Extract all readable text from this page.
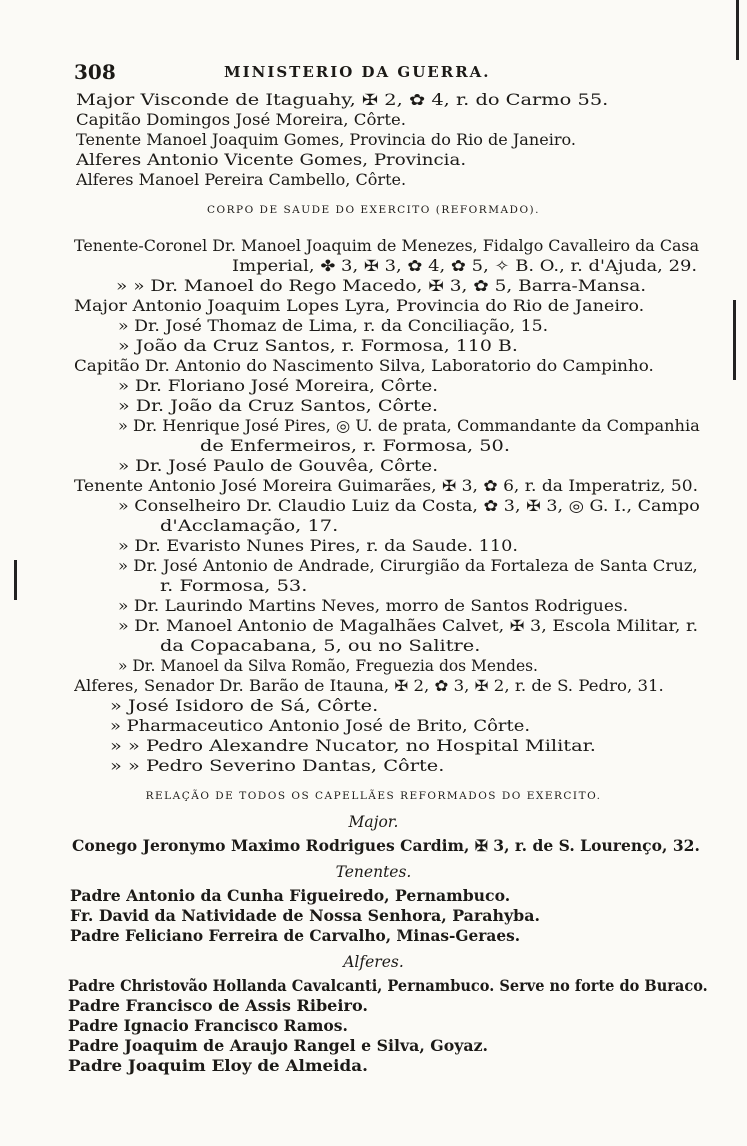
308	MINISTERIO DA GUERRA.
Major Visconde de Itaguahy, ✠ 2, ✿ 4, r. do Carmo 55.
Capitão Domingos José Moreira, Côrte.
Tenente Manoel Joaquim Gomes, Provincia do Rio de Janeiro.
Alferes Antonio Vicente Gomes, Provincia.
Alferes Manoel Pereira Cambello, Côrte.
CORPO DE SAUDE DO EXERCITO (REFORMADO).
Tenente-Coronel Dr. Manoel Joaquim de Menezes, Fidalgo Cavalleiro da Casa
Imperial, ✤ 3, ✠ 3, ✿ 4, ✿ 5, ✧ B. O., r. d'Ajuda, 29.
» » Dr. Manoel do Rego Macedo, ✠ 3, ✿ 5, Barra-Mansa.
Major Antonio Joaquim Lopes Lyra, Provincia do Rio de Janeiro.
» Dr. José Thomaz de Lima, r. da Conciliação, 15.
» João da Cruz Santos, r. Formosa, 110 B.
Capitão Dr. Antonio do Nascimento Silva, Laboratorio do Campinho.
» Dr. Floriano José Moreira, Côrte.
» Dr. João da Cruz Santos, Côrte.
» Dr. Henrique José Pires, ◎ U. de prata, Commandante da Companhia
de Enfermeiros, r. Formosa, 50.
» Dr. José Paulo de Gouvêa, Côrte.
Tenente Antonio José Moreira Guimarães, ✠ 3, ✿ 6, r. da Imperatriz, 50.
» Conselheiro Dr. Claudio Luiz da Costa, ✿ 3, ✠ 3, ◎ G. I., Campo
d'Acclamação, 17.
» Dr. Evaristo Nunes Pires, r. da Saude. 110.
» Dr. José Antonio de Andrade, Cirurgião da Fortaleza de Santa Cruz,
r. Formosa, 53.
» Dr. Laurindo Martins Neves, morro de Santos Rodrigues.
» Dr. Manoel Antonio de Magalhães Calvet, ✠ 3, Escola Militar, r.
da Copacabana, 5, ou no Salitre.
» Dr. Manoel da Silva Romão, Freguezia dos Mendes.
Alferes, Senador Dr. Barão de Itauna, ✠ 2, ✿ 3, ✠ 2, r. de S. Pedro, 31.
» José Isidoro de Sá, Côrte.
» Pharmaceutico Antonio José de Brito, Côrte.
» » Pedro Alexandre Nucator, no Hospital Militar.
» » Pedro Severino Dantas, Côrte.
RELAÇÃO DE TODOS OS CAPELLÃES REFORMADOS DO EXERCITO.
Major.
Conego Jeronymo Maximo Rodrigues Cardim, ✠ 3, r. de S. Lourenço, 32.
Tenentes.
Padre Antonio da Cunha Figueiredo, Pernambuco.
Fr. David da Natividade de Nossa Senhora, Parahyba.
Padre Feliciano Ferreira de Carvalho, Minas-Geraes.
Alferes.
Padre Christovão Hollanda Cavalcanti, Pernambuco. Serve no forte do Buraco.
Padre Francisco de Assis Ribeiro.
Padre Ignacio Francisco Ramos.
Padre Joaquim de Araujo Rangel e Silva, Goyaz.
Padre Joaquim Eloy de Almeida.
